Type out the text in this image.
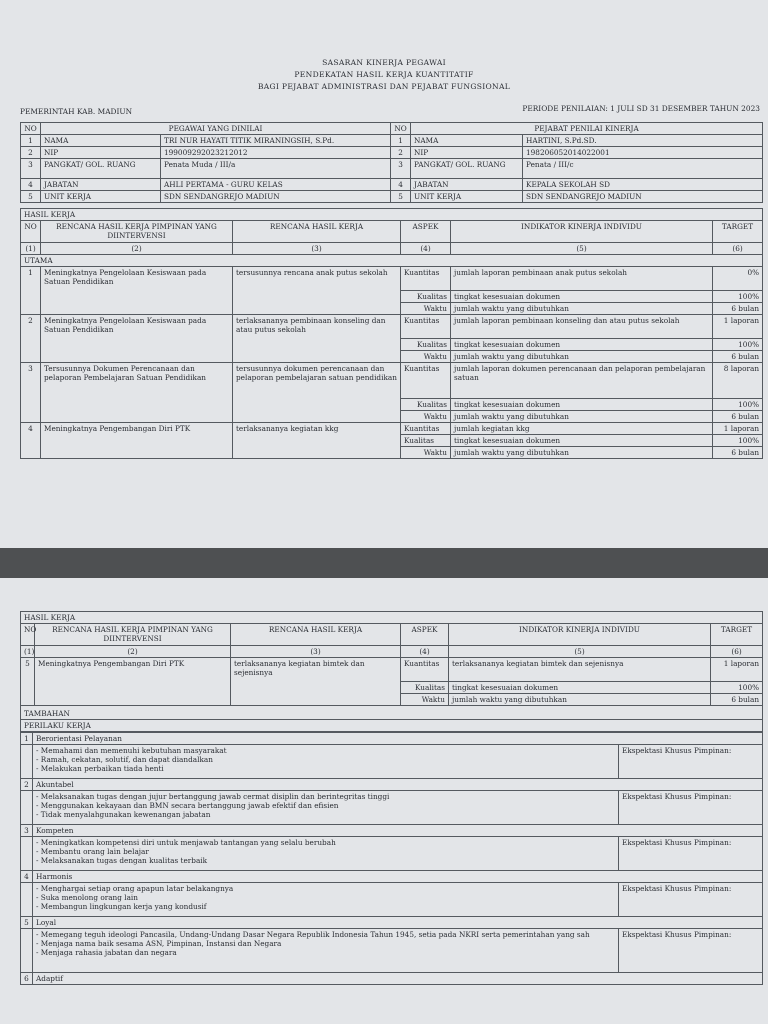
SASARAN KINERJA PEGAWAI
PENDEKATAN HASIL KERJA KUANTITATIF
BAGI PEJABAT ADMINISTRASI DAN PEJABAT FUNGSIONAL
PEMERINTAH KAB. MADIUN	PERIODE PENILAIAN: 1 JULI SD 31 DESEMBER TAHUN 2023
NO	PEGAWAI YANG DINILAI		NO	PEJABAT PENILAI KINERJA	
1	NAMA	TRI NUR HAYATI TITIK MIRANINGSIH, S.Pd.	1	NAMA	HARTINI, S.Pd.SD.
2	NIP	199009292023212012	2	NIP	198206052014022001
3	PANGKAT/ GOL. RUANG	Penata Muda / III/a	3	PANGKAT/ GOL. RUANG	Penata / III/c
4	JABATAN	AHLI PERTAMA - GURU KELAS	4	JABATAN	KEPALA SEKOLAH SD
5	UNIT KERJA	SDN SENDANGREJO MADIUN	5	UNIT KERJA	SDN SENDANGREJO MADIUN
HASIL KERJA					
NO	RENCANA HASIL KERJA PIMPINAN YANG DIINTERVENSI	RENCANA HASIL KERJA	ASPEK	INDIKATOR KINERJA INDIVIDU	TARGET
(1)	(2)	(3)	(4)	(5)	(6)
UTAMA					
1	Meningkatnya Pengelolaan Kesiswaan pada Satuan Pendidikan	tersusunnya rencana anak putus sekolah	Kuantitas	jumlah laporan pembinaan anak putus sekolah	0%
			Kualitas	tingkat kesesuaian dokumen	100%
			Waktu	jumlah waktu yang dibutuhkan	6 bulan
2	Meningkatnya Pengelolaan Kesiswaan pada Satuan Pendidikan	terlaksananya pembinaan konseling dan atau putus sekolah	Kuantitas	jumlah laporan pembinaan konseling dan atau putus sekolah	1 laporan
			Kualitas	tingkat kesesuaian dokumen	100%
			Waktu	jumlah waktu yang dibutuhkan	6 bulan
3	Tersusunnya Dokumen Perencanaan dan pelaporan Pembelajaran Satuan Pendidikan	tersusunnya dokumen perencanaan dan pelaporan pembelajaran satuan pendidikan	Kuantitas	jumlah laporan dokumen perencanaan dan pelaporan pembelajaran satuan	8 laporan
			Kualitas	tingkat kesesuaian dokumen	100%
			Waktu	jumlah waktu yang dibutuhkan	6 bulan
4	Meningkatnya Pengembangan Diri PTK	terlaksananya kegiatan kkg	Kuantitas	jumlah kegiatan kkg	1 laporan
			Kualitas	tingkat kesesuaian dokumen	100%
			Waktu	jumlah waktu yang dibutuhkan	6 bulan
HASIL KERJA					
NO	RENCANA HASIL KERJA PIMPINAN YANG DIINTERVENSI	RENCANA HASIL KERJA	ASPEK	INDIKATOR KINERJA INDIVIDU	TARGET
(1)	(2)	(3)	(4)	(5)	(6)
5	Meningkatnya Pengembangan Diri PTK	terlaksananya kegiatan bimtek dan sejenisnya	Kuantitas	terlaksananya kegiatan bimtek dan sejenisnya	1 laporan
			Kualitas	tingkat kesesuaian dokumen	100%
			Waktu	jumlah waktu yang dibutuhkan	6 bulan
TAMBAHAN					
PERILAKU KERJA					
1	Berorientasi Pelayanan	

	- Memahami dan memenuhi kebutuhan masyarakat
- Ramah, cekatan, solutif, dan dapat diandalkan
- Melakukan perbaikan tiada henti	Ekspektasi Khusus Pimpinan:
2	Akuntabel	

	- Melaksanakan tugas dengan jujur bertanggung jawab cermat disiplin dan berintegritas tinggi
- Menggunakan kekayaan dan BMN secara bertanggung jawab efektif dan efisien
- Tidak menyalahgunakan kewenangan jabatan	Ekspektasi Khusus Pimpinan:
3	Kompeten	

	- Meningkatkan kompetensi diri untuk menjawab tantangan yang selalu berubah
- Membantu orang lain belajar
- Melaksanakan tugas dengan kualitas terbaik	Ekspektasi Khusus Pimpinan:
4	Harmonis	

	- Menghargai setiap orang apapun latar belakangnya
- Suka menolong orang lain
- Membangun lingkungan kerja yang kondusif	Ekspektasi Khusus Pimpinan:
5	Loyal	

	- Memegang teguh ideologi Pancasila, Undang-Undang Dasar Negara Republik Indonesia Tahun 1945, setia pada NKRI serta pemerintahan yang sah
- Menjaga nama baik sesama ASN, Pimpinan, Instansi dan Negara
- Menjaga rahasia jabatan dan negara	Ekspektasi Khusus Pimpinan:
6	Adaptif	
